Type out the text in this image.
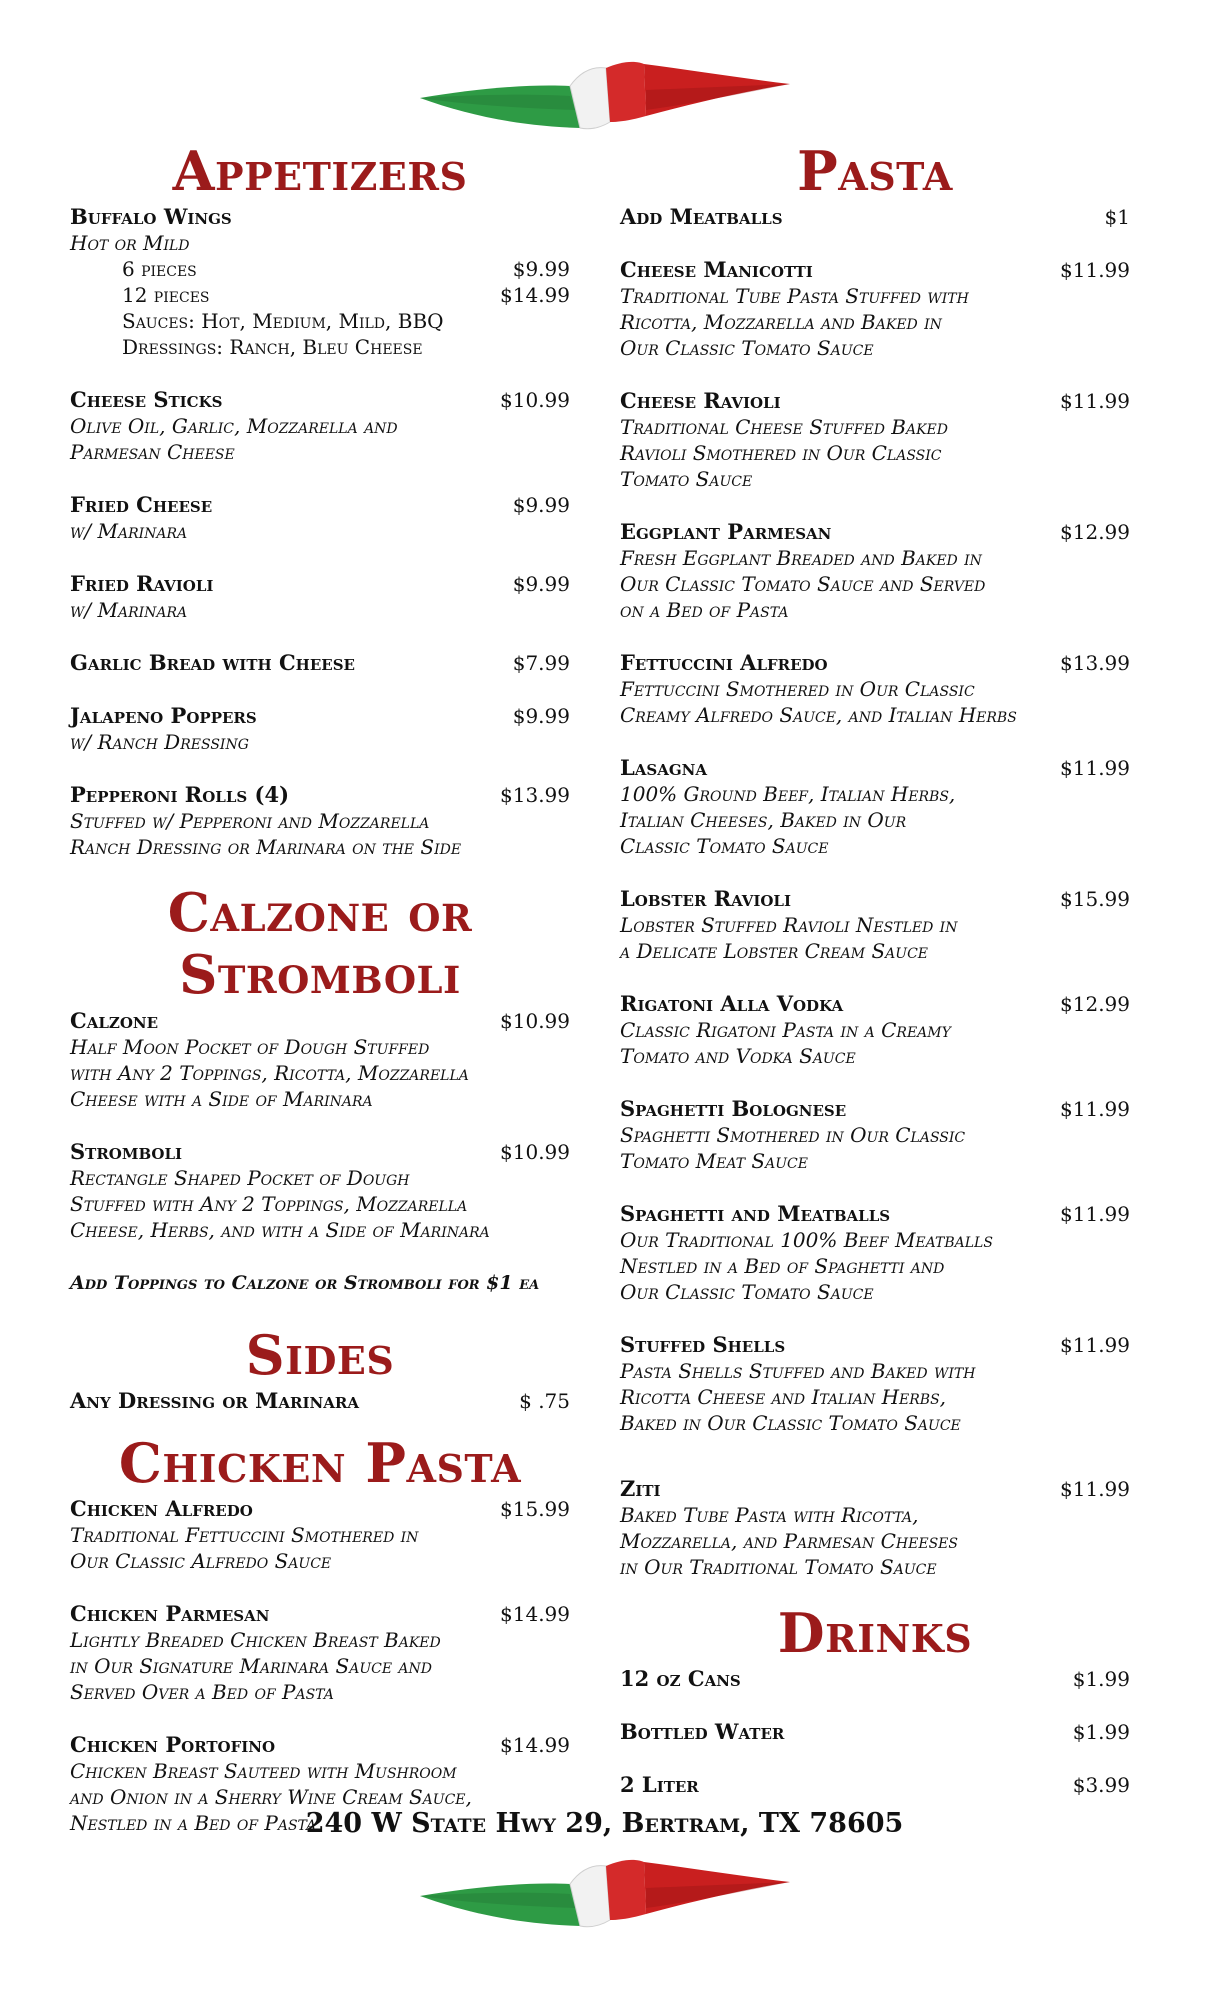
Appetizers
Buffalo Wings
Hot or Mild
6 pieces	$9.99
12 pieces	$14.99
Sauces: Hot, Medium, Mild, BBQ
Dressings: Ranch, Bleu Cheese
Cheese Sticks	$10.99
Olive Oil, Garlic, Mozzarella and
Parmesan Cheese
Fried Cheese	$9.99
w/ Marinara
Fried Ravioli	$9.99
w/ Marinara
Garlic Bread with Cheese	$7.99
Jalapeno Poppers	$9.99
w/ Ranch Dressing
Pepperoni Rolls (4)	$13.99
Stuffed w/ Pepperoni and Mozzarella
Ranch Dressing or Marinara on the Side
Calzone or Stromboli
Calzone	$10.99
Half Moon Pocket of Dough Stuffed
with Any 2 Toppings, Ricotta, Mozzarella
Cheese with a Side of Marinara
Stromboli	$10.99
Rectangle Shaped Pocket of Dough
Stuffed with Any 2 Toppings, Mozzarella
Cheese, Herbs, and with a Side of Marinara
Add Toppings to Calzone or Stromboli for $1 ea
Sides
Any Dressing or Marinara	$ .75
Chicken Pasta
Chicken Alfredo	$15.99
Traditional Fettuccini Smothered in
Our Classic Alfredo Sauce
Chicken Parmesan	$14.99
Lightly Breaded Chicken Breast Baked
in Our Signature Marinara Sauce and
Served Over a Bed of Pasta
Chicken Portofino	$14.99
Chicken Breast Sauteed with Mushroom
and Onion in a Sherry Wine Cream Sauce,
Nestled in a Bed of Pasta
Pasta
Add Meatballs	$1
Cheese Manicotti	$11.99
Traditional Tube Pasta Stuffed with
Ricotta, Mozzarella and Baked in
Our Classic Tomato Sauce
Cheese Ravioli	$11.99
Traditional Cheese Stuffed Baked
Ravioli Smothered in Our Classic
Tomato Sauce
Eggplant Parmesan	$12.99
Fresh Eggplant Breaded and Baked in
Our Classic Tomato Sauce and Served
on a Bed of Pasta
Fettuccini Alfredo	$13.99
Fettuccini Smothered in Our Classic
Creamy Alfredo Sauce, and Italian Herbs
Lasagna	$11.99
100% Ground Beef, Italian Herbs,
Italian Cheeses, Baked in Our
Classic Tomato Sauce
Lobster Ravioli	$15.99
Lobster Stuffed Ravioli Nestled in
a Delicate Lobster Cream Sauce
Rigatoni Alla Vodka	$12.99
Classic Rigatoni Pasta in a Creamy
Tomato and Vodka Sauce
Spaghetti Bolognese	$11.99
Spaghetti Smothered in Our Classic
Tomato Meat Sauce
Spaghetti and Meatballs	$11.99
Our Traditional 100% Beef Meatballs
Nestled in a Bed of Spaghetti and
Our Classic Tomato Sauce
Stuffed Shells	$11.99
Pasta Shells Stuffed and Baked with
Ricotta Cheese and Italian Herbs,
Baked in Our Classic Tomato Sauce
Ziti	$11.99
Baked Tube Pasta with Ricotta,
Mozzarella, and Parmesan Cheeses
in Our Traditional Tomato Sauce
Drinks
12 oz Cans	$1.99
Bottled Water	$1.99
2 Liter	$3.99
240 W State Hwy 29, Bertram, TX 78605
